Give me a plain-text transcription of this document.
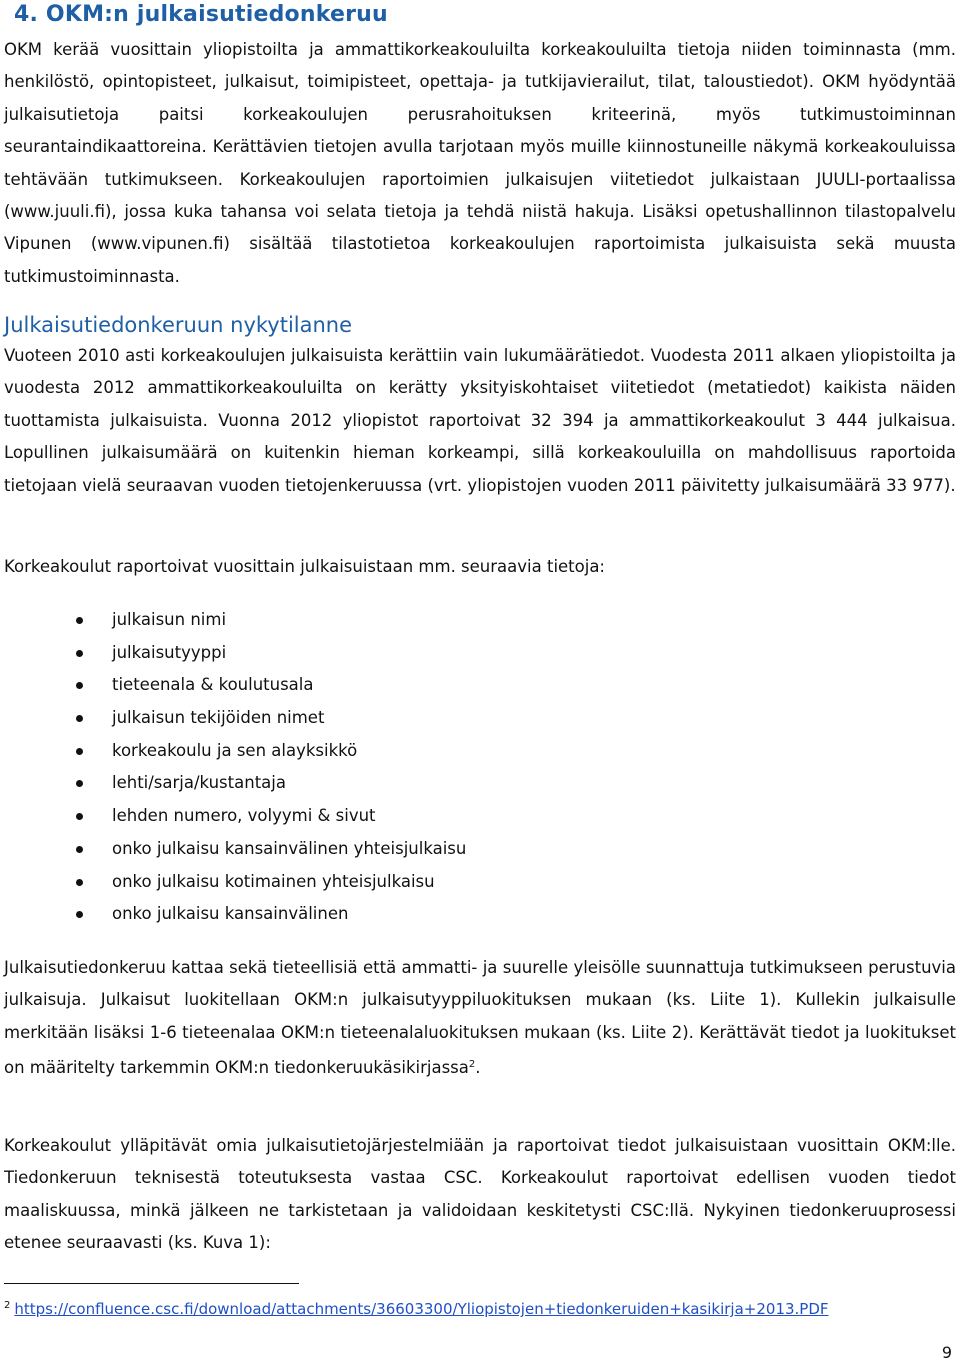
4. OKM:n julkaisutiedonkeruu

OKM kerää vuosittain yliopistoilta ja ammattikorkeakouluilta korkeakouluilta tietoja niiden toiminnasta (mm. henkilöstö, opintopisteet, julkaisut, toimipisteet, opettaja- ja tutkijavierailut, tilat, taloustiedot). OKM hyödyntää julkaisutietoja paitsi korkeakoulujen perusrahoituksen kriteerinä, myös tutkimustoiminnan seurantaindikaattoreina. Kerättävien tietojen avulla tarjotaan myös muille kiinnostuneille näkymä korkeakouluissa tehtävään tutkimukseen. Korkeakoulujen raportoimien julkaisujen viitetiedot julkaistaan JUULI-portaalissa (www.juuli.fi), jossa kuka tahansa voi selata tietoja ja tehdä niistä hakuja. Lisäksi opetushallinnon tilastopalvelu Vipunen (www.vipunen.fi) sisältää tilastotietoa korkeakoulujen raportoimista julkaisuista sekä muusta tutkimustoiminnasta.

Julkaisutiedonkeruun nykytilanne

Vuoteen 2010 asti korkeakoulujen julkaisuista kerättiin vain lukumäärätiedot. Vuodesta 2011 alkaen yliopistoilta ja vuodesta 2012 ammattikorkeakouluilta on kerätty yksityiskohtaiset viitetiedot (metatiedot) kaikista näiden tuottamista julkaisuista. Vuonna 2012 yliopistot raportoivat 32 394 ja ammattikorkeakoulut 3 444 julkaisua. Lopullinen julkaisumäärä on kuitenkin hieman korkeampi, sillä korkeakouluilla on mahdollisuus raportoida tietojaan vielä seuraavan vuoden tietojenkeruussa (vrt. yliopistojen vuoden 2011 päivitetty julkaisumäärä 33 977).

Korkeakoulut raportoivat vuosittain julkaisuistaan mm. seuraavia tietoja:

julkaisun nimi
julkaisutyyppi
tieteenala & koulutusala
julkaisun tekijöiden nimet
korkeakoulu ja sen alayksikkö
lehti/sarja/kustantaja
lehden numero, volyymi & sivut
onko julkaisu kansainvälinen yhteisjulkaisu
onko julkaisu kotimainen yhteisjulkaisu
onko julkaisu kansainvälinen

Julkaisutiedonkeruu kattaa sekä tieteellisiä että ammatti- ja suurelle yleisölle suunnattuja tutkimukseen perustuvia julkaisuja. Julkaisut luokitellaan OKM:n julkaisutyyppiluokituksen mukaan (ks. Liite 1). Kullekin julkaisulle merkitään lisäksi 1-6 tieteenalaa OKM:n tieteenalaluokituksen mukaan (ks. Liite 2). Kerättävät tiedot ja luokitukset on määritelty tarkemmin OKM:n tiedonkeruukäsikirjassa$^2$.

Korkeakoulut ylläpitävät omia julkaisutietojärjestelmiään ja raportoivat tiedot julkaisuistaan vuosittain OKM:lle. Tiedonkeruun teknisestä toteutuksesta vastaa CSC. Korkeakoulut raportoivat edellisen vuoden tiedot maaliskuussa, minkä jälkeen ne tarkistetaan ja validoidaan keskitetysti CSC:llä. Nykyinen tiedonkeruuprosessi etenee seuraavasti (ks. Kuva 1):

$^2$ https://confluence.csc.fi/download/attachments/36603300/Yliopistojen+tiedonkeruiden+kasikirja+2013.PDF
9
